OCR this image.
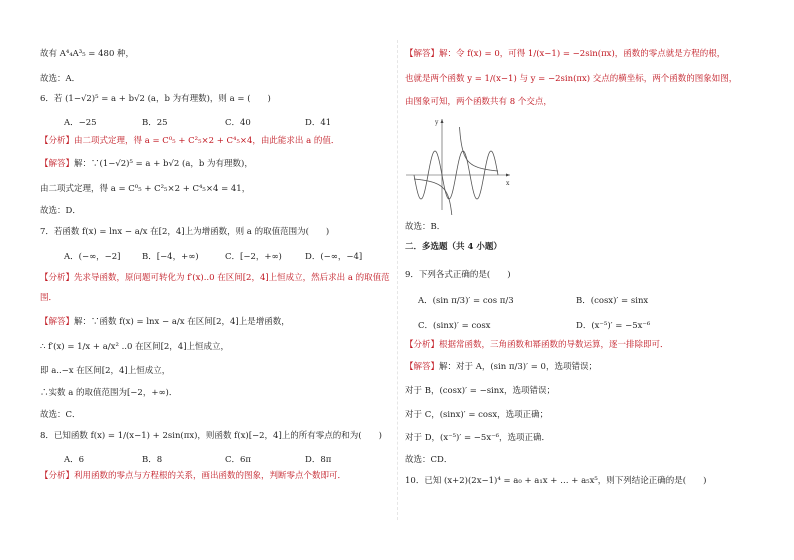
故有 A⁴₄A³₅ = 480 种，
故选：A．
6．若 (1−√2)⁵ = a + b√2 (a，b 为有理数)，则 a = (　　)
A．−25	B．25	C．40	D．41
【分析】由二项式定理，得 a = C⁰₅ + C²₅×2 + C⁴₅×4，由此能求出 a 的值．
【解答】解：∵(1−√2)⁵ = a + b√2 (a，b 为有理数)，
由二项式定理，得 a = C⁰₅ + C²₅×2 + C⁴₅×4 = 41，
故选：D．
7．若函数 f(x) = lnx − a/x 在[2，4]上为增函数，则 a 的取值范围为(　　)
A．(−∞，−2]	B．[−4，+∞)	C．[−2，+∞)	D．(−∞，−4]
【分析】先求导函数，原问题可转化为 f′(x)..0 在区间[2，4]上恒成立，然后求出 a 的取值范
围．
【解答】解：∵函数 f(x) = lnx − a/x 在区间[2，4]上是增函数，
∴ f′(x) = 1/x + a/x² ..0 在区间[2，4]上恒成立，
即 a..−x 在区间[2，4]上恒成立，
∴实数 a 的取值范围为[−2，+∞)．
故选：C．
8．已知函数 f(x) = 1/(x−1) + 2sin(πx)，则函数 f(x)[−2，4]上的所有零点的和为(　　)
A．6	B．8	C．6π	D．8π
【分析】利用函数的零点与方程根的关系，画出函数的图象，判断零点个数即可．
【解答】解：令 f(x) = 0，可得 1/(x−1) = −2sin(πx)，函数的零点就是方程的根，
也就是两个函数 y = 1/(x−1) 与 y = −2sin(πx) 交点的横坐标，两个函数的图象如图，
由图象可知，两个函数共有 8 个交点，
x
y
故选：B．
二．多选题（共 4 小题）
9．下列各式正确的是(　　)
A．(sin π/3)′ = cos π/3	B．(cosx)′ = sinx
C．(sinx)′ = cosx	D．(x⁻⁵)′ = −5x⁻⁶
【分析】根据常函数，三角函数和幂函数的导数运算，逐一排除即可．
【解答】解：对于 A，(sin π/3)′ = 0，选项错误；
对于 B，(cosx)′ = −sinx，选项错误；
对于 C，(sinx)′ = cosx，选项正确；
对于 D，(x⁻⁵)′ = −5x⁻⁶，选项正确．
故选：CD．
10．已知 (x+2)(2x−1)⁴ = a₀ + a₁x + … + a₅x⁵，则下列结论正确的是(　　)
